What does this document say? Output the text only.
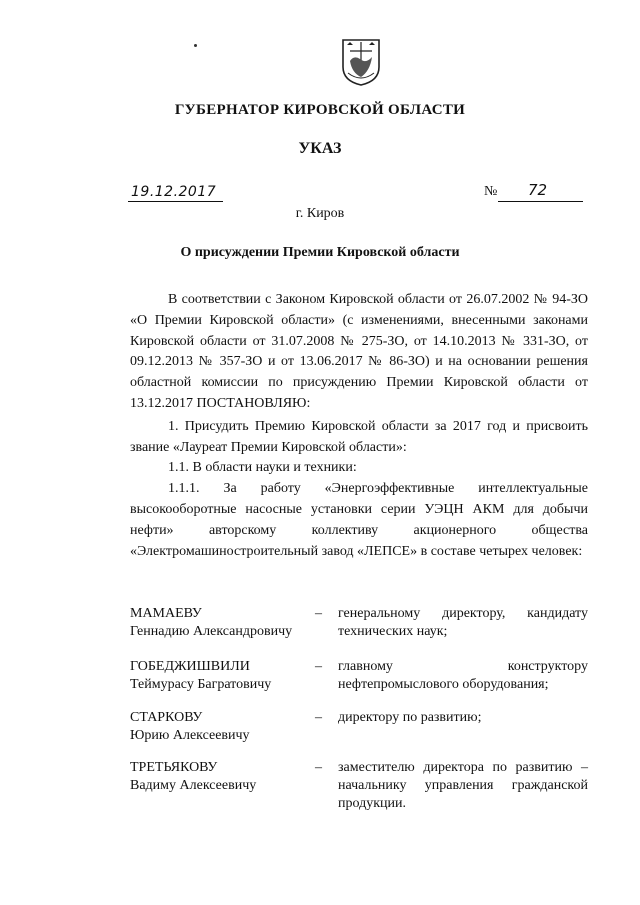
ГУБЕРНАТОР КИРОВСКОЙ ОБЛАСТИ
УКАЗ
19.12.2017	№ 72
г. Киров
О присуждении Премии Кировской области

В соответствии с Законом Кировской области от 26.07.2002 № 94-ЗО «О Премии Кировской области» (с изменениями, внесенными законами Кировской области от 31.07.2008 № 275-ЗО, от 14.10.2013 № 331-ЗО, от 09.12.2013 № 357-ЗО и от 13.06.2017 № 86-ЗО) и на основании решения областной комиссии по присуждению Премии Кировской области от 13.12.2017 ПОСТАНОВЛЯЮ:

1. Присудить Премию Кировской области за 2017 год и присвоить звание «Лауреат Премии Кировской области»:

1.1. В области науки и техники:

1.1.1. За работу «Энергоэффективные интеллектуальные высокооборотные насосные установки серии УЭЦН АКМ для добычи нефти» авторскому коллективу акционерного общества «Электромашиностроительный завод «ЛЕПСЕ» в составе четырех человек:

МАМАЕВУ
Геннадию Александровичу
– генеральному директору, кандидату технических наук;
ГОБЕДЖИШВИЛИ
Теймурасу Багратовичу
– главному конструктору нефтепромыслового оборудования;
СТАРКОВУ
Юрию Алексеевичу
– директору по развитию;
ТРЕТЬЯКОВУ
Вадиму Алексеевичу
– заместителю директора по развитию – начальнику управления гражданской продукции.
